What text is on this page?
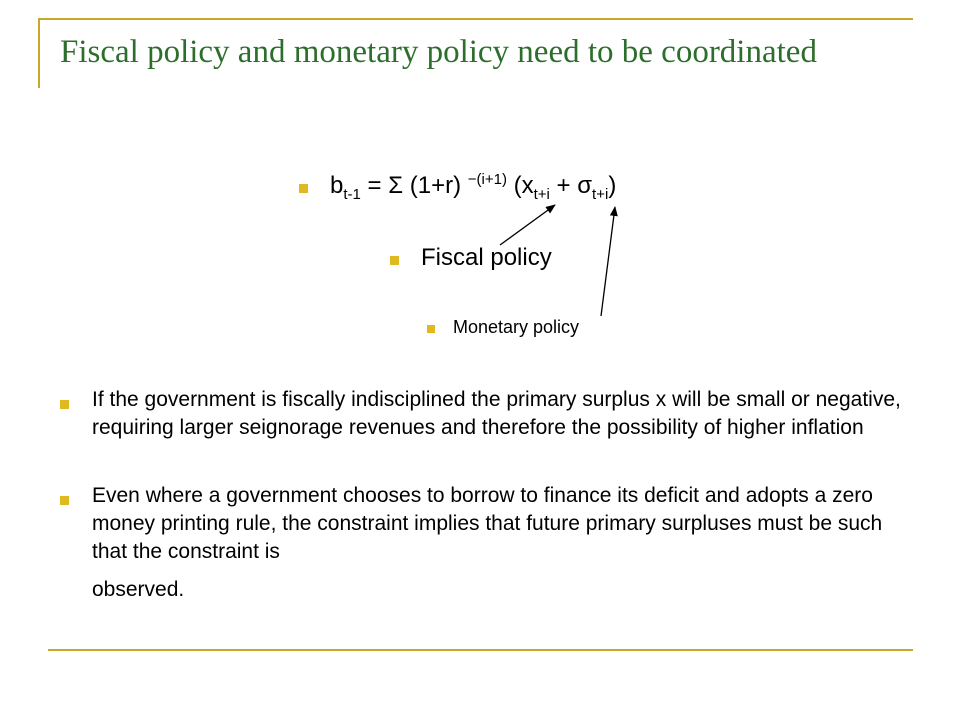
Fiscal policy and monetary policy need to be coordinated
$b_{t-1} = \Sigma$ (1+r) $^{-(i+1)}$ $(x_{t+i} + \sigma_{t+i})$
Fiscal policy
Monetary policy

If the government is fiscally indisciplined the primary surplus x will be small or negative, requiring larger seignorage revenues and therefore the possibility of higher inflation

Even where a government chooses to borrow to finance its deficit and adopts a zero money printing rule, the constraint implies that future primary surpluses must be such that the constraint is
observed.
